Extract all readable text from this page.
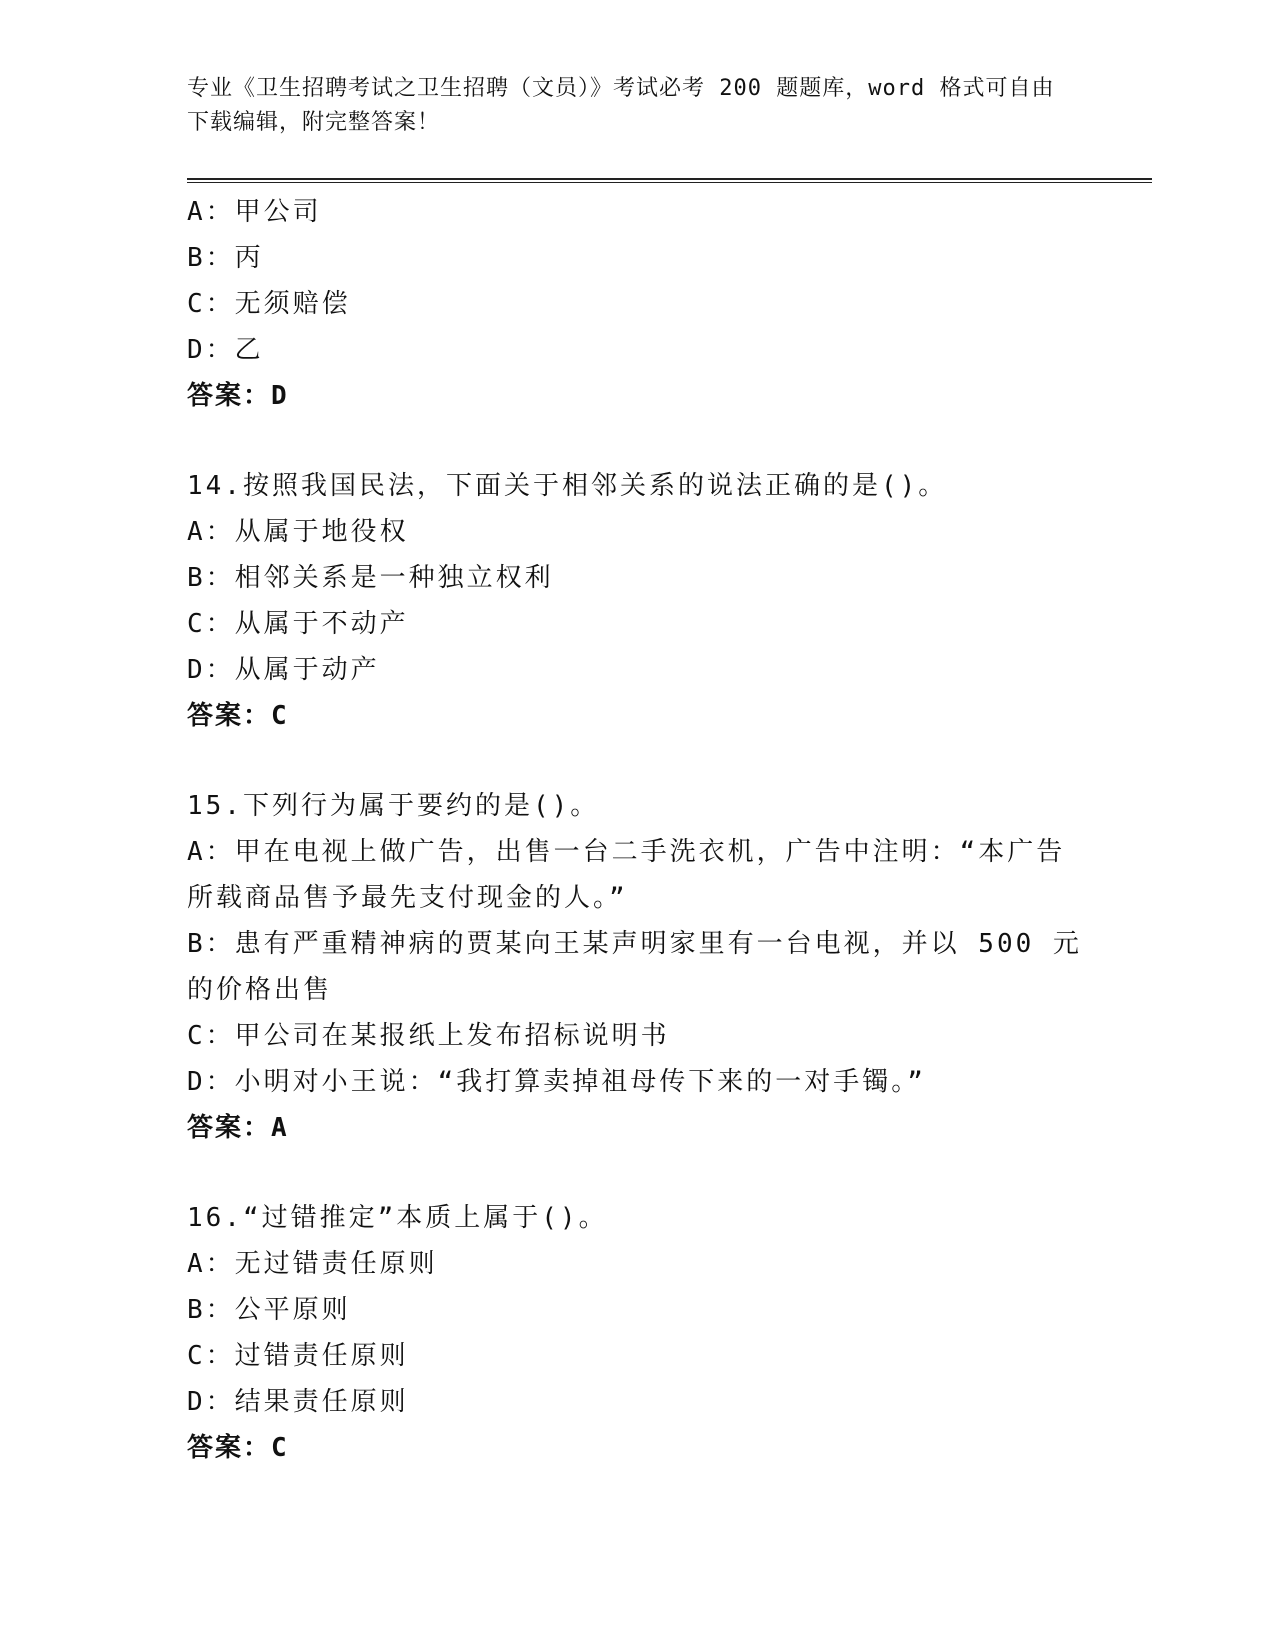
专业《卫生招聘考试之卫生招聘（文员）》考试必考 200 题题库，word 格式可自由下载编辑，附完整答案！
A：甲公司
B：丙
C：无须赔偿
D：乙
答案：D
14.按照我国民法，下面关于相邻关系的说法正确的是()。
A：从属于地役权
B：相邻关系是一种独立权利
C：从属于不动产
D：从属于动产
答案：C
15.下列行为属于要约的是()。
A：甲在电视上做广告，出售一台二手洗衣机，广告中注明：“本广告所载商品售予最先支付现金的人。”
B：患有严重精神病的贾某向王某声明家里有一台电视，并以 500 元的价格出售
C：甲公司在某报纸上发布招标说明书
D：小明对小王说：“我打算卖掉祖母传下来的一对手镯。”
答案：A
16.“过错推定”本质上属于()。
A：无过错责任原则
B：公平原则
C：过错责任原则
D：结果责任原则
答案：C
